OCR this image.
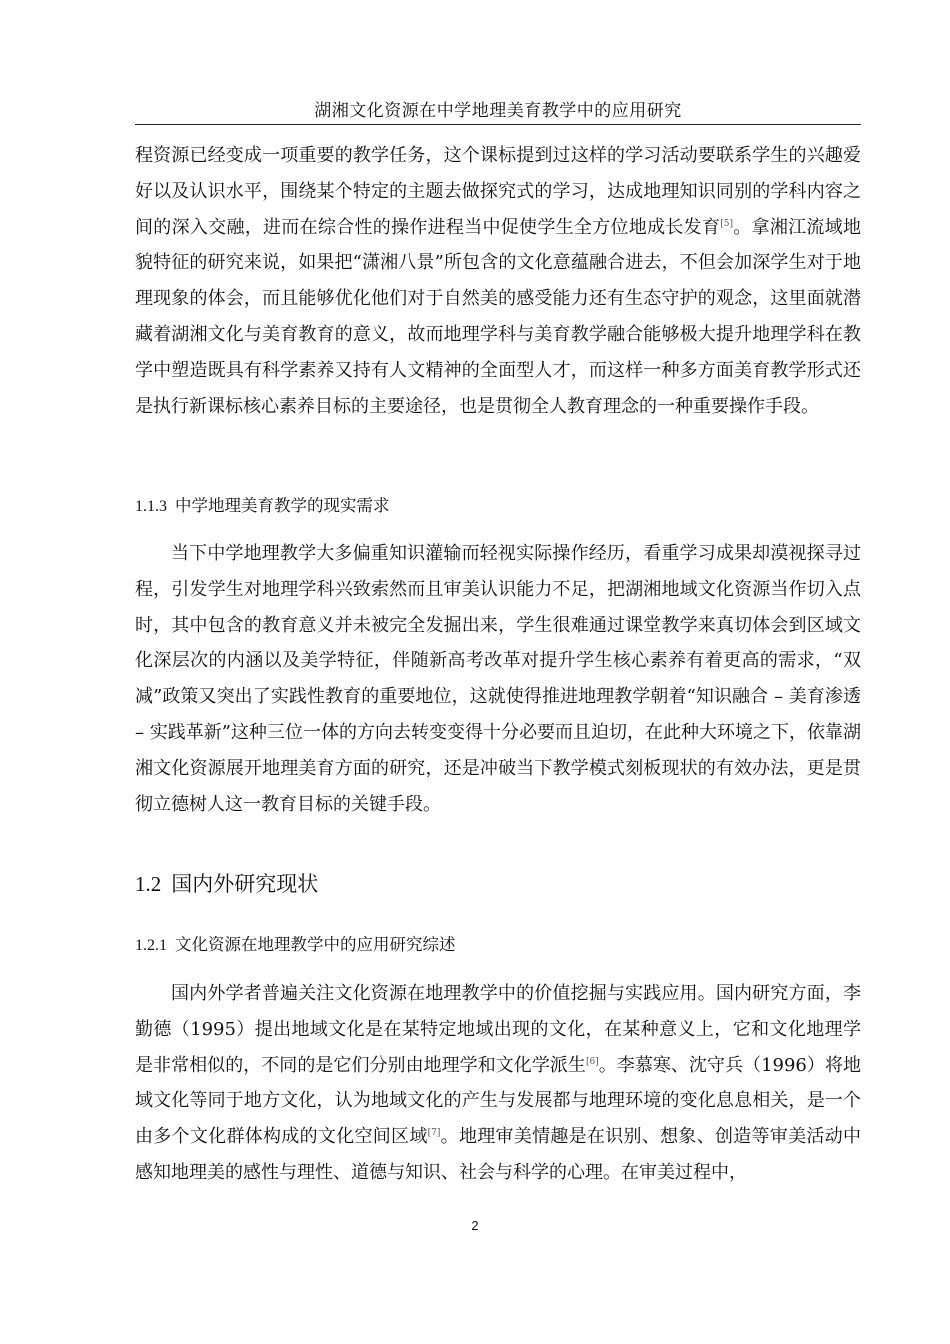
湖湘文化资源在中学地理美育教学中的应用研究

程资源已经变成一项重要的教学任务，这个课标提到过这样的学习活动要联系学生的兴趣爱好以及认识水平，围绕某个特定的主题去做探究式的学习，达成地理知识同别的学科内容之间的深入交融，进而在综合性的操作进程当中促使学生全方位地成长发育[5]。拿湘江流域地貌特征的研究来说，如果把“潇湘八景”所包含的文化意蕴融合进去，不但会加深学生对于地理现象的体会，而且能够优化他们对于自然美的感受能力还有生态守护的观念，这里面就潜藏着湖湘文化与美育教育的意义，故而地理学科与美育教学融合能够极大提升地理学科在教学中塑造既具有科学素养又持有人文精神的全面型人才，而这样一种多方面美育教学形式还是执行新课标核心素养目标的主要途径，也是贯彻全人教育理念的一种重要操作手段。

1.1.3 中学地理美育教学的现实需求

当下中学地理教学大多偏重知识灌输而轻视实际操作经历，看重学习成果却漠视探寻过程，引发学生对地理学科兴致索然而且审美认识能力不足，把湖湘地域文化资源当作切入点时，其中包含的教育意义并未被完全发掘出来，学生很难通过课堂教学来真切体会到区域文化深层次的内涵以及美学特征，伴随新高考改革对提升学生核心素养有着更高的需求，“双减”政策又突出了实践性教育的重要地位，这就使得推进地理教学朝着“知识融合 – 美育渗透 – 实践革新”这种三位一体的方向去转变变得十分必要而且迫切，在此种大环境之下，依靠湖湘文化资源展开地理美育方面的研究，还是冲破当下教学模式刻板现状的有效办法，更是贯彻立德树人这一教育目标的关键手段。

1.2 国内外研究现状
1.2.1 文化资源在地理教学中的应用研究综述

国内外学者普遍关注文化资源在地理教学中的价值挖掘与实践应用。国内研究方面，李勤德（1995）提出地域文化是在某特定地域出现的文化，在某种意义上，它和文化地理学是非常相似的，不同的是它们分别由地理学和文化学派生[6]。李慕寒、沈守兵（1996）将地域文化等同于地方文化，认为地域文化的产生与发展都与地理环境的变化息息相关，是一个由多个文化群体构成的文化空间区域[7]。地理审美情趣是在识别、想象、创造等审美活动中感知地理美的感性与理性、道德与知识、社会与科学的心理。在审美过程中，

2
